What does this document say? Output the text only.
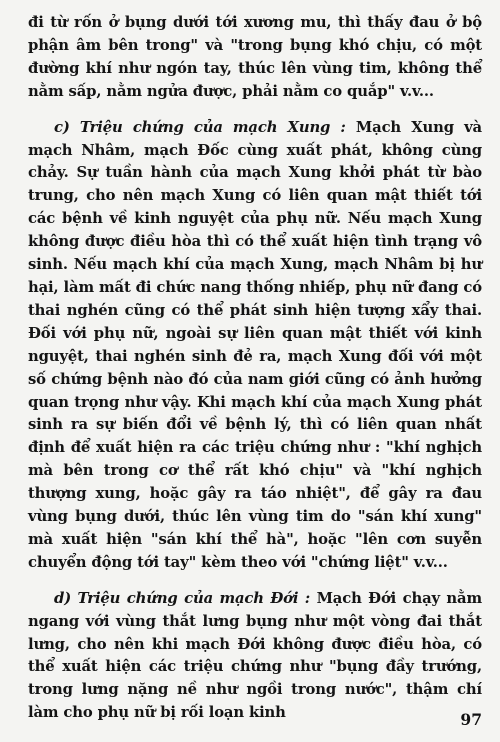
đi từ rốn ở bụng dưới tới xương mu, thì thấy đau ở bộ phận âm bên trong" và "trong bụng khó chịu, có một đường khí như ngón tay, thúc lên vùng tim, không thể nằm sấp, nằm ngửa được, phải nằm co quắp" v.v...

c) Triệu chứng của mạch Xung : Mạch Xung và mạch Nhâm, mạch Đốc cùng xuất phát, không cùng chảy. Sự tuần hành của mạch Xung khởi phát từ bào trung, cho nên mạch Xung có liên quan mật thiết tới các bệnh về kinh nguyệt của phụ nữ. Nếu mạch Xung không được điều hòa thì có thể xuất hiện tình trạng vô sinh. Nếu mạch khí của mạch Xung, mạch Nhâm bị hư hại, làm mất đi chức nang thống nhiếp, phụ nữ đang có thai nghén cũng có thể phát sinh hiện tượng xẩy thai. Đối với phụ nữ, ngoài sự liên quan mật thiết với kinh nguyệt, thai nghén sinh đẻ ra, mạch Xung đối với một số chứng bệnh nào đó của nam giới cũng có ảnh hưởng quan trọng như vậy. Khi mạch khí của mạch Xung phát sinh ra sự biến đổi về bệnh lý, thì có liên quan nhất định để xuất hiện ra các triệu chứng như : "khí nghịch mà bên trong cơ thể rất khó chịu" và "khí nghịch thượng xung, hoặc gây ra táo nhiệt", để gây ra đau vùng bụng dưới, thúc lên vùng tim do "sán khí xung" mà xuất hiện "sán khí thể hà", hoặc "lên cơn suyễn chuyển động tới tay" kèm theo với "chứng liệt" v.v...

d) Triệu chứng của mạch Đới : Mạch Đới chạy nằm ngang với vùng thắt lưng bụng như một vòng đai thắt lưng, cho nên khi mạch Đới không được điều hòa, có thể xuất hiện các triệu chứng như "bụng đầy trướng, trong lưng nặng nề như ngồi trong nước", thậm chí làm cho phụ nữ bị rối loạn kinh	97
